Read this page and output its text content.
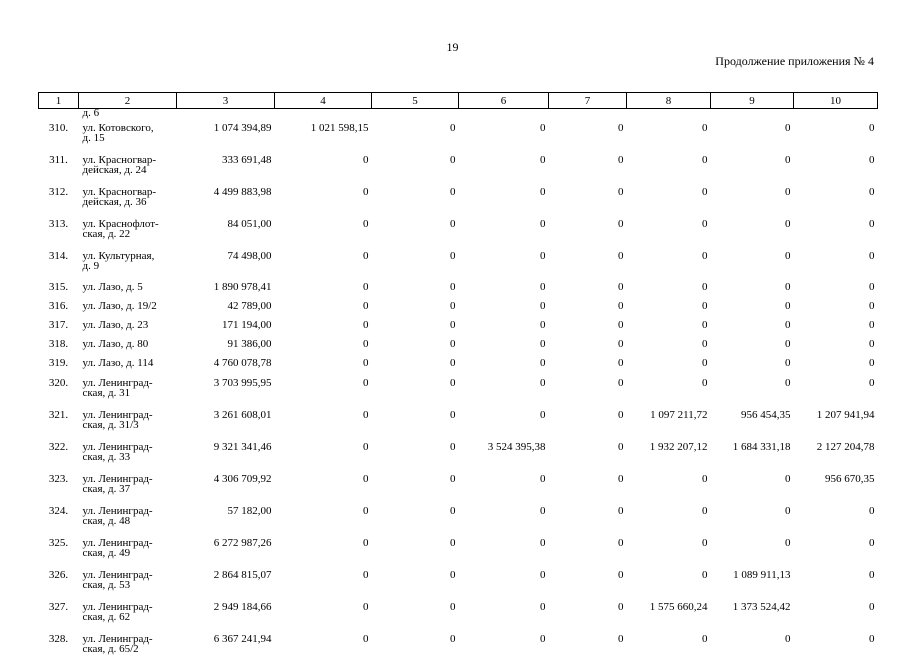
19
Продолжение приложения № 4
1	2	3	4	5	6	7	8	9	10
	д. 6								
310.	ул. Котовского,
д. 15	1 074 394,89	1 021 598,15	0	0	0	0	0	0
311.	ул. Красногвар-
дейская, д. 24	333 691,48	0	0	0	0	0	0	0
312.	ул. Красногвар-
дейская, д. 36	4 499 883,98	0	0	0	0	0	0	0
313.	ул. Краснофлот-
ская, д. 22	84 051,00	0	0	0	0	0	0	0
314.	ул. Культурная,
д. 9	74 498,00	0	0	0	0	0	0	0
315.	ул. Лазо, д. 5	1 890 978,41	0	0	0	0	0	0	0
316.	ул. Лазо, д. 19/2	42 789,00	0	0	0	0	0	0	0
317.	ул. Лазо, д. 23	171 194,00	0	0	0	0	0	0	0
318.	ул. Лазо, д. 80	91 386,00	0	0	0	0	0	0	0
319.	ул. Лазо, д. 114	4 760 078,78	0	0	0	0	0	0	0
320.	ул. Ленинград-
ская, д. 31	3 703 995,95	0	0	0	0	0	0	0
321.	ул. Ленинград-
ская, д. 31/3	3 261 608,01	0	0	0	0	1 097 211,72	956 454,35	1 207 941,94
322.	ул. Ленинград-
ская, д. 33	9 321 341,46	0	0	3 524 395,38	0	1 932 207,12	1 684 331,18	2 127 204,78
323.	ул. Ленинград-
ская, д. 37	4 306 709,92	0	0	0	0	0	0	956 670,35
324.	ул. Ленинград-
ская, д. 48	57 182,00	0	0	0	0	0	0	0
325.	ул. Ленинград-
ская, д. 49	6 272 987,26	0	0	0	0	0	0	0
326.	ул. Ленинград-
ская, д. 53	2 864 815,07	0	0	0	0	0	1 089 911,13	0
327.	ул. Ленинград-
ская, д. 62	2 949 184,66	0	0	0	0	1 575 660,24	1 373 524,42	0
328.	ул. Ленинград-
ская, д. 65/2	6 367 241,94	0	0	0	0	0	0	0
